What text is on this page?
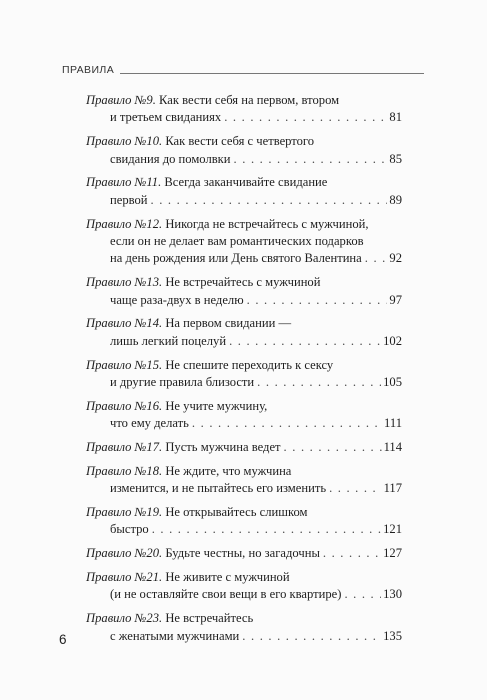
ПРАВИЛА
Правило №9. Как вести себя на первом, втором
и третьем свиданиях . . .	81
Правило №10. Как вести себя с четвертого
свидания до помолвки . . .	85
Правило №11. Всегда заканчивайте свидание
первой . . .	89
Правило №12. Никогда не встречайтесь с мужчиной,
если он не делает вам романтических подарков
на день рождения или День святого Валентина . . . 92
Правило №13. Не встречайтесь с мужчиной
чаще раза-двух в неделю . . .	97
Правило №14. На первом свидании —
лишь легкий поцелуй . . .	102
Правило №15. Не спешите переходить к сексу
и другие правила близости . . .	105
Правило №16. Не учите мужчину,
что ему делать . . .	111
Правило №17. Пусть мужчина ведет . . .	114
Правило №18. Не ждите, что мужчина
изменится, и не пытайтесь его изменить . . .	117
Правило №19. Не открывайтесь слишком
быстро . . .	121
Правило №20. Будьте честны, но загадочны . . .	127
Правило №21. Не живите с мужчиной
(и не оставляйте свои вещи в его квартире) . . .	130
Правило №23. Не встречайтесь
с женатыми мужчинами . . .	135
6
